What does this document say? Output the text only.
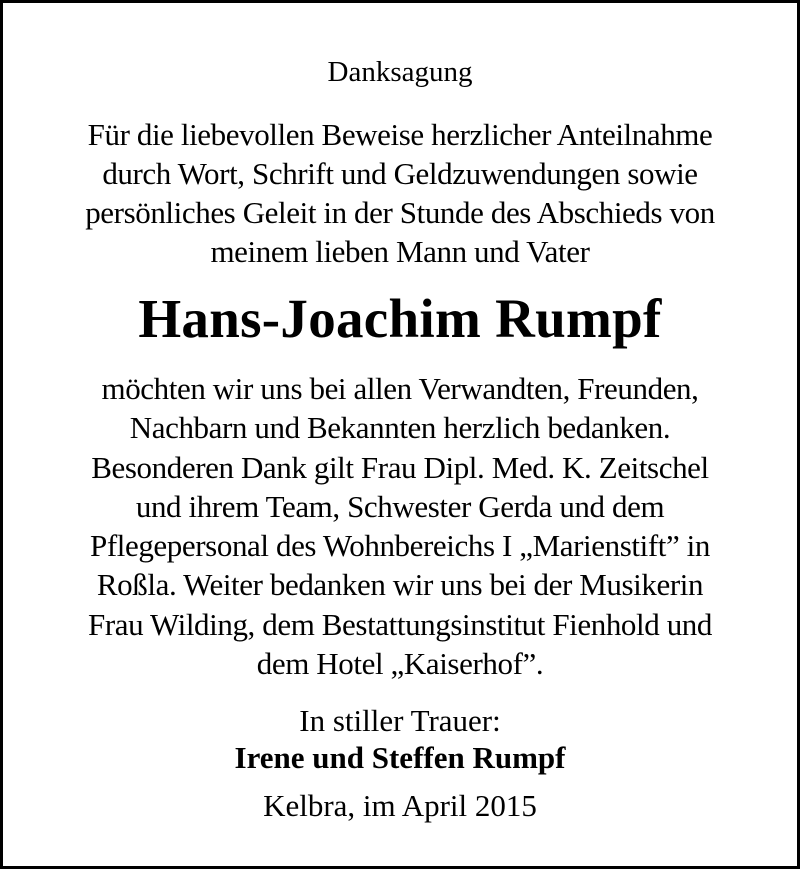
Danksagung
Für die liebevollen Beweise herzlicher Anteilnahme
durch Wort, Schrift und Geldzuwendungen sowie
persönliches Geleit in der Stunde des Abschieds von
meinem lieben Mann und Vater
Hans-Joachim Rumpf
möchten wir uns bei allen Verwandten, Freunden,
Nachbarn und Bekannten herzlich bedanken.
Besonderen Dank gilt Frau Dipl. Med. K. Zeitschel
und ihrem Team, Schwester Gerda und dem
Pflegepersonal des Wohnbereichs I „Marienstift” in
Roßla. Weiter bedanken wir uns bei der Musikerin
Frau Wilding, dem Bestattungsinstitut Fienhold und
dem Hotel „Kaiserhof”.
In stiller Trauer:
Irene und Steffen Rumpf
Kelbra, im April 2015
